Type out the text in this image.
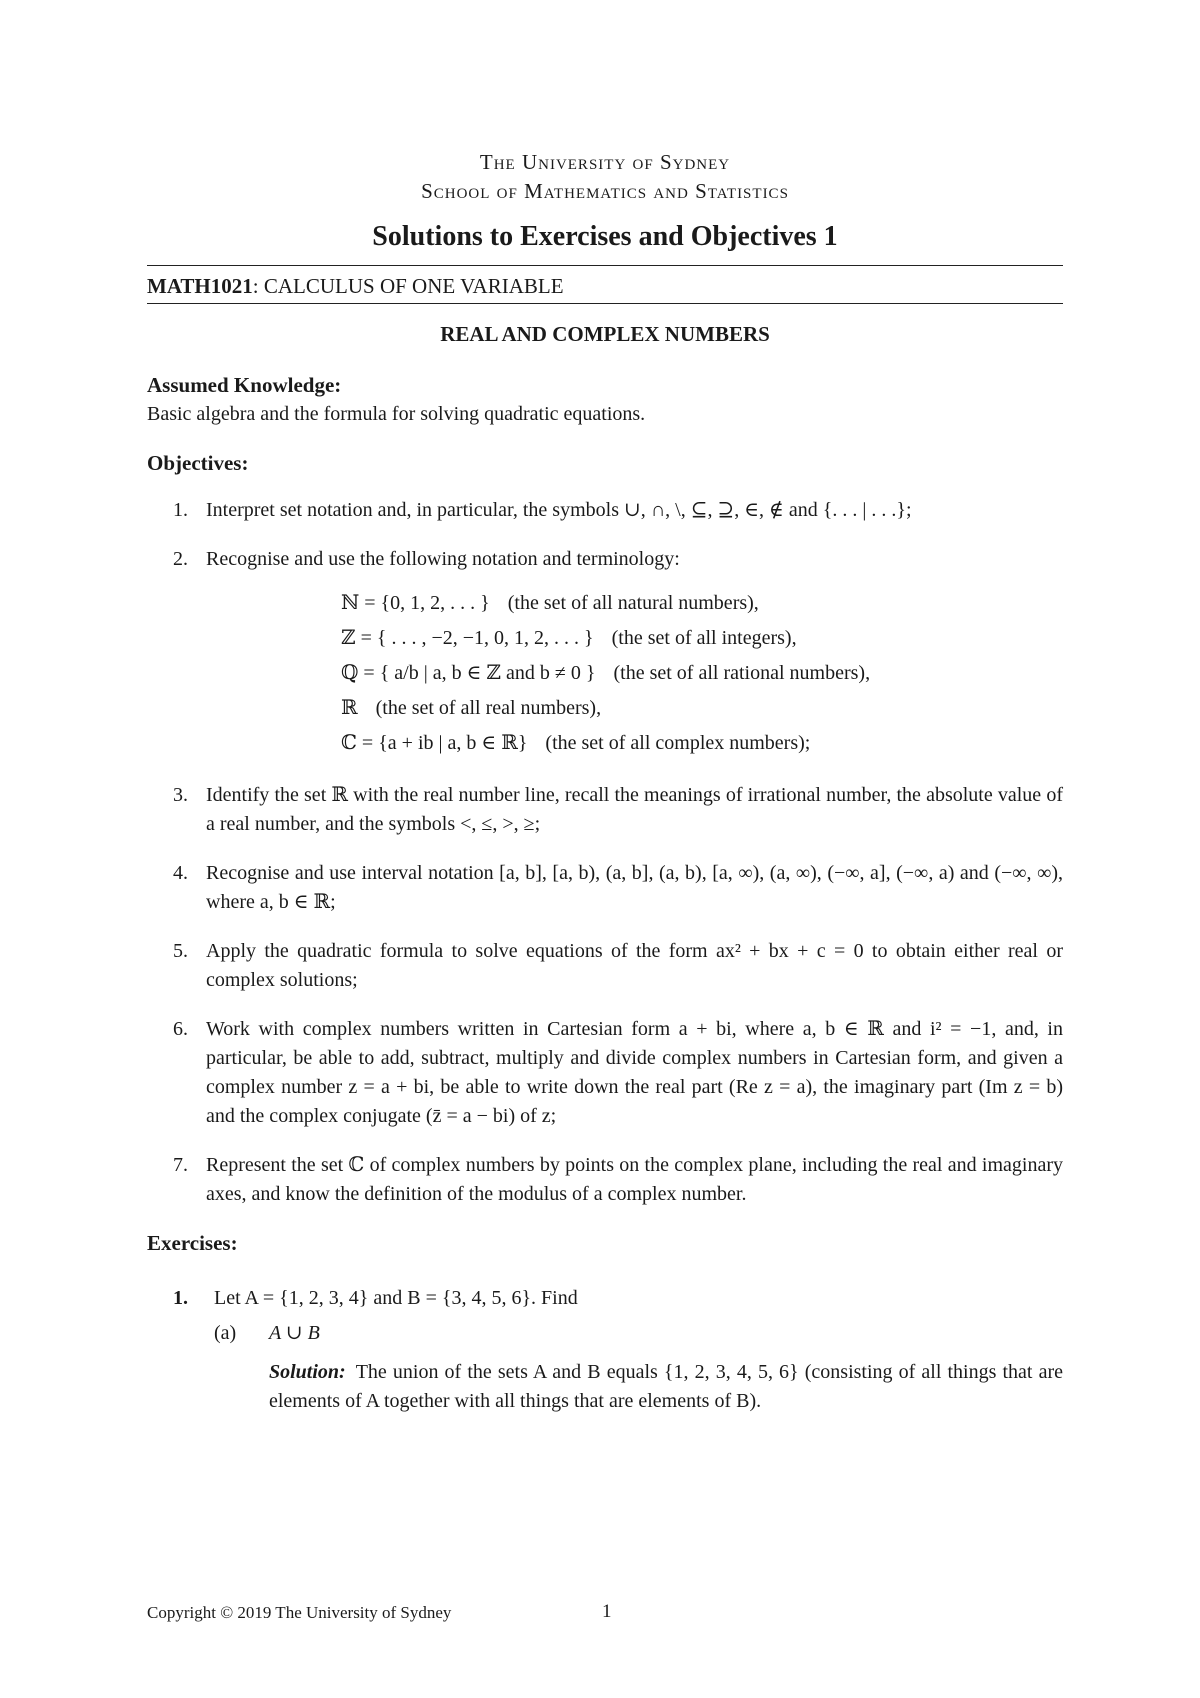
The University of Sydney
School of Mathematics and Statistics
Solutions to Exercises and Objectives 1
MATH1021: CALCULUS OF ONE VARIABLE
REAL AND COMPLEX NUMBERS
Assumed Knowledge:
Basic algebra and the formula for solving quadratic equations.
Objectives:
1. Interpret set notation and, in particular, the symbols ∪, ∩, \, ⊆, ⊇, ∈, ∉ and {. . . | . . .};
2. Recognise and use the following notation and terminology:
ℕ = {0, 1, 2, . . . } (the set of all natural numbers),
ℤ = { . . . , −2, −1, 0, 1, 2, . . . } (the set of all integers),
ℚ = { a/b | a, b ∈ ℤ and b ≠ 0 } (the set of all rational numbers),
ℝ (the set of all real numbers),
ℂ = {a + ib | a, b ∈ ℝ} (the set of all complex numbers);
3. Identify the set ℝ with the real number line, recall the meanings of irrational number, the absolute value of a real number, and the symbols <, ≤, >, ≥;
4. Recognise and use interval notation [a, b], [a, b), (a, b], (a, b), [a, ∞), (a, ∞), (−∞, a], (−∞, a) and (−∞, ∞), where a, b ∈ ℝ;
5. Apply the quadratic formula to solve equations of the form ax² + bx + c = 0 to obtain either real or complex solutions;
6. Work with complex numbers written in Cartesian form a + bi, where a, b ∈ ℝ and i² = −1, and, in particular, be able to add, subtract, multiply and divide complex numbers in Cartesian form, and given a complex number z = a + bi, be able to write down the real part (Re z = a), the imaginary part (Im z = b) and the complex conjugate (z̄ = a − bi) of z;
7. Represent the set ℂ of complex numbers by points on the complex plane, including the real and imaginary axes, and know the definition of the modulus of a complex number.
Exercises:
1. Let A = {1, 2, 3, 4} and B = {3, 4, 5, 6}. Find
(a) A ∪ B
Solution: The union of the sets A and B equals {1, 2, 3, 4, 5, 6} (consisting of all things that are elements of A together with all things that are elements of B).
Copyright © 2019 The University of Sydney	1
